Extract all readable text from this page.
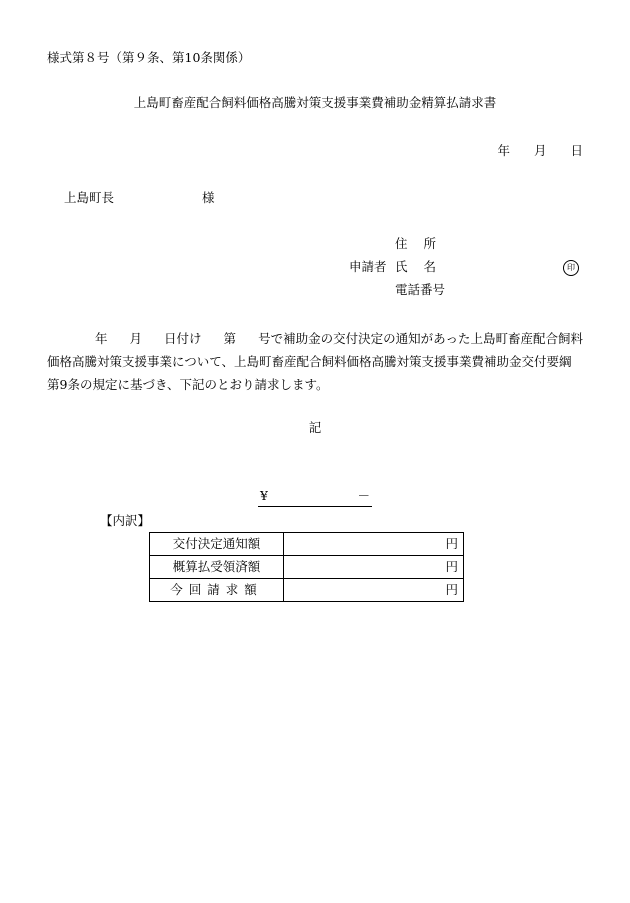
様式第８号（第９条、第10条関係）
上島町畜産配合飼料価格高騰対策支援事業費補助金精算払請求書
年 月 日
上島町長	様
住所
申請者 氏名	印
電話番号
年 月 日付け 第 号で補助金の交付決定の通知があった上島町畜産配合飼料価格高騰対策支援事業について、上島町畜産配合飼料価格高騰対策支援事業費補助金交付要綱第9条の規定に基づき、下記のとおり請求します。
記
¥	－
【内訳】
交付決定通知額	円
概算払受領済額	円
今回請求額	円
